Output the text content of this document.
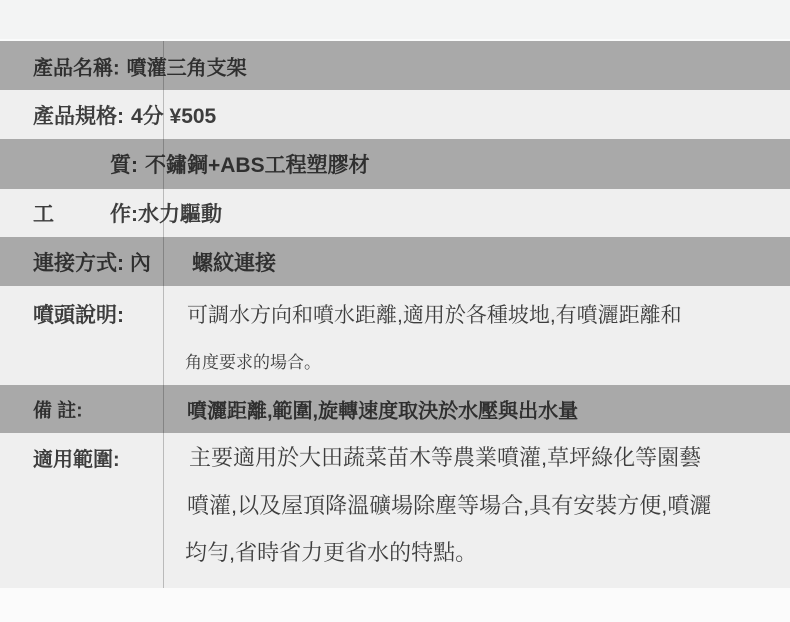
產品名稱: 噴灌三角支架
產品規格: 4分 ¥505
質: 不鏽鋼+ABS工程塑膠材
工	作:水力驅動
連接方式: 內 螺紋連接
噴頭說明:	可調水方向和噴水距離,適用於各種坡地,有噴灑距離和
角度要求的場合。
備 註:	噴灑距離,範圍,旋轉速度取決於水壓與出水量
適用範圍:	主要適用於大田蔬菜苗木等農業噴灌,草坪綠化等園藝
噴灌,以及屋頂降溫礦場除塵等場合,具有安裝方便,噴灑
均勻,省時省力更省水的特點。
